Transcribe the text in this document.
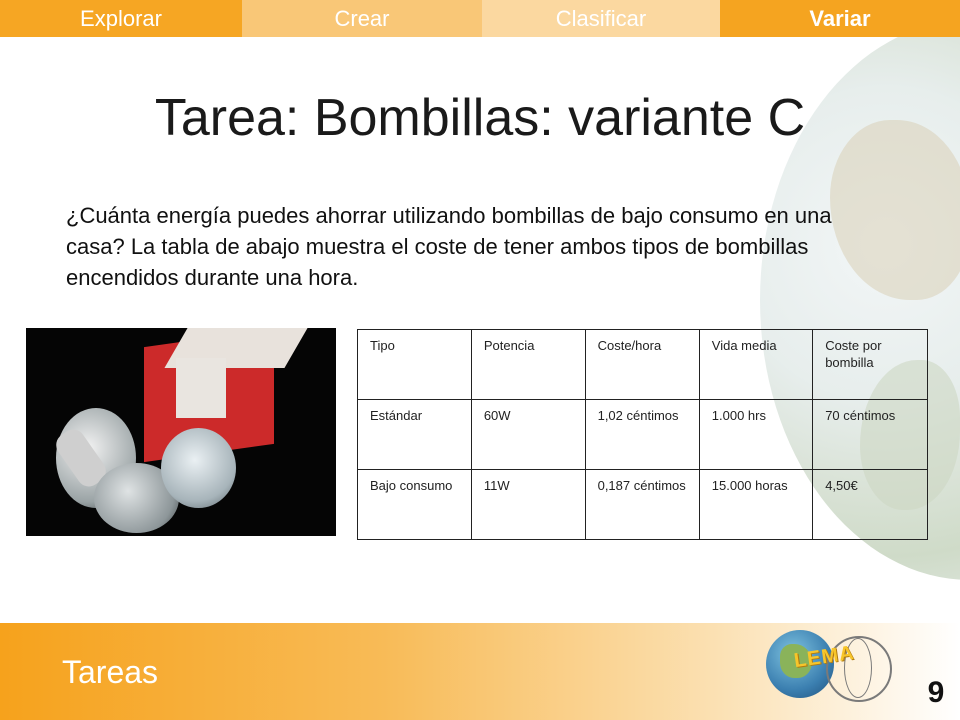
Explorar	Crear	Clasificar	Variar
Tarea: Bombillas: variante C
¿Cuánta energía puedes ahorrar utilizando bombillas de bajo consumo en una casa? La tabla de abajo muestra el coste de tener ambos tipos de bombillas encendidos durante una hora.
Tipo	Potencia	Coste/hora	Vida media	Coste por bombilla
Estándar	60W	1,02 céntimos	1.000 hrs	70 céntimos
Bajo consumo	11W	0,187 céntimos	15.000 horas	4,50€
Tareas	LEMA
9
